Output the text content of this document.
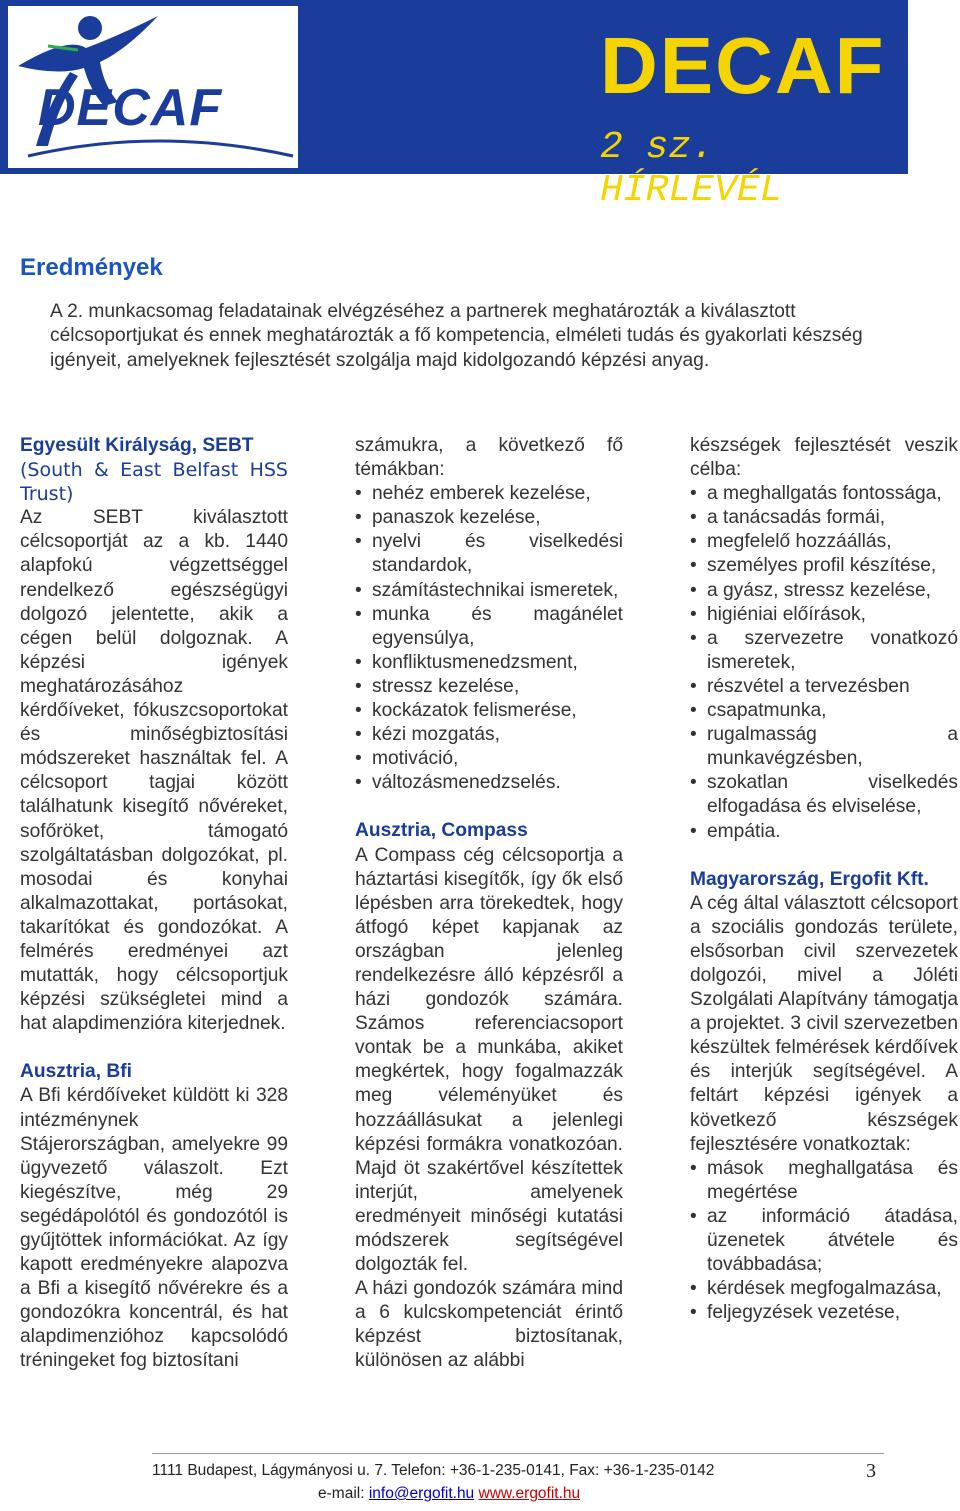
DECAF	DECAF
2 sz. HÍRLEVÉL
Eredmények
A 2. munkacsomag feladatainak elvégzéséhez a partnerek meghatározták a kiválasztott célcsoportjukat és ennek meghatározták a fő kompetencia, elméleti tudás és gyakorlati készség igényeit, amelyeknek fejlesztését szolgálja majd kidolgozandó képzési anyag.

Egyesült Királyság, SEBT

(South & East Belfast HSS Trust)

Az SEBT kiválasztott célcsoportját az a kb. 1440 alapfokú végzettséggel rendelkező egészségügyi dolgozó jelentette, akik a cégen belül dolgoznak. A képzési igények meghatározásához kérdőíveket, fókuszcsoportokat és minőségbiztosítási módszereket használtak fel. A célcsoport tagjai között találhatunk kisegítő nővéreket, sofőröket, támogató szolgáltatásban dolgozókat, pl. mosodai és konyhai alkalmazottakat, portásokat, takarítókat és gondozókat. A felmérés eredményei azt mutatták, hogy célcsoportjuk képzési szükségletei mind a hat alapdimenzióra kiterjednek.

Ausztria, Bfi

A Bfi kérdőíveket küldött ki 328 intézménynek Stájerországban, amelyekre 99 ügyvezető válaszolt. Ezt kiegészítve, még 29 segédápolótól és gondozótól is gyűjtöttek információkat. Az így kapott eredményekre alapozva a Bfi a kisegítő nővérekre és a gondozókra koncentrál, és hat alapdimenzióhoz kapcsolódó tréningeket fog biztosítani

számukra, a következő fő témákban:

• nehéz emberek kezelése,
• panaszok kezelése,
• nyelvi és viselkedési standardok,
• számítástechnikai ismeretek,
• munka és magánélet egyensúlya,
• konfliktusmenedzsment,
• stressz kezelése,
• kockázatok felismerése,
• kézi mozgatás,
• motiváció,
• változásmenedzselés.

Ausztria, Compass

A Compass cég célcsoportja a háztartási kisegítők, így ők első lépésben arra törekedtek, hogy átfogó képet kapjanak az országban jelenleg rendelkezésre álló képzésről a házi gondozók számára. Számos referenciacsoport vontak be a munkába, akiket megkértek, hogy fogalmazzák meg véleményüket és hozzáállásukat a jelenlegi képzési formákra vonatkozóan. Majd öt szakértővel készítettek interjút, amelyenek eredményeit minőségi kutatási módszerek segítségével dolgozták fel.

A házi gondozók számára mind a 6 kulcskompetenciát érintő képzést biztosítanak, különösen az alábbi

készségek fejlesztését veszik célba:

• a meghallgatás fontossága,
• a tanácsadás formái,
• megfelelő hozzáállás,
• személyes profil készítése,
• a gyász, stressz kezelése,
• higiéniai előírások,
• a szervezetre vonatkozó ismeretek,
• részvétel a tervezésben
• csapatmunka,
• rugalmasság a munkavégzésben,
• szokatlan viselkedés elfogadása és elviselése,
• empátia.

Magyarország, Ergofit Kft.

A cég által választott célcsoport a szociális gondozás területe, elsősorban civil szervezetek dolgozói, mivel a Jóléti Szolgálati Alapítvány támogatja a projektet. 3 civil szervezetben készültek felmérések kérdőívek és interjúk segítségével. A feltárt képzési igények a következő készségek fejlesztésére vonatkoztak:

• mások meghallgatása és megértése
• az információ átadása, üzenetek átvétele és továbbadása;
• kérdések megfogalmazása,
• feljegyzések vezetése,
1111 Budapest, Lágymányosi u. 7. Telefon: +36-1-235-0141, Fax: +36-1-235-0142	3
e-mail: info@ergofit.hu www.ergofit.hu
